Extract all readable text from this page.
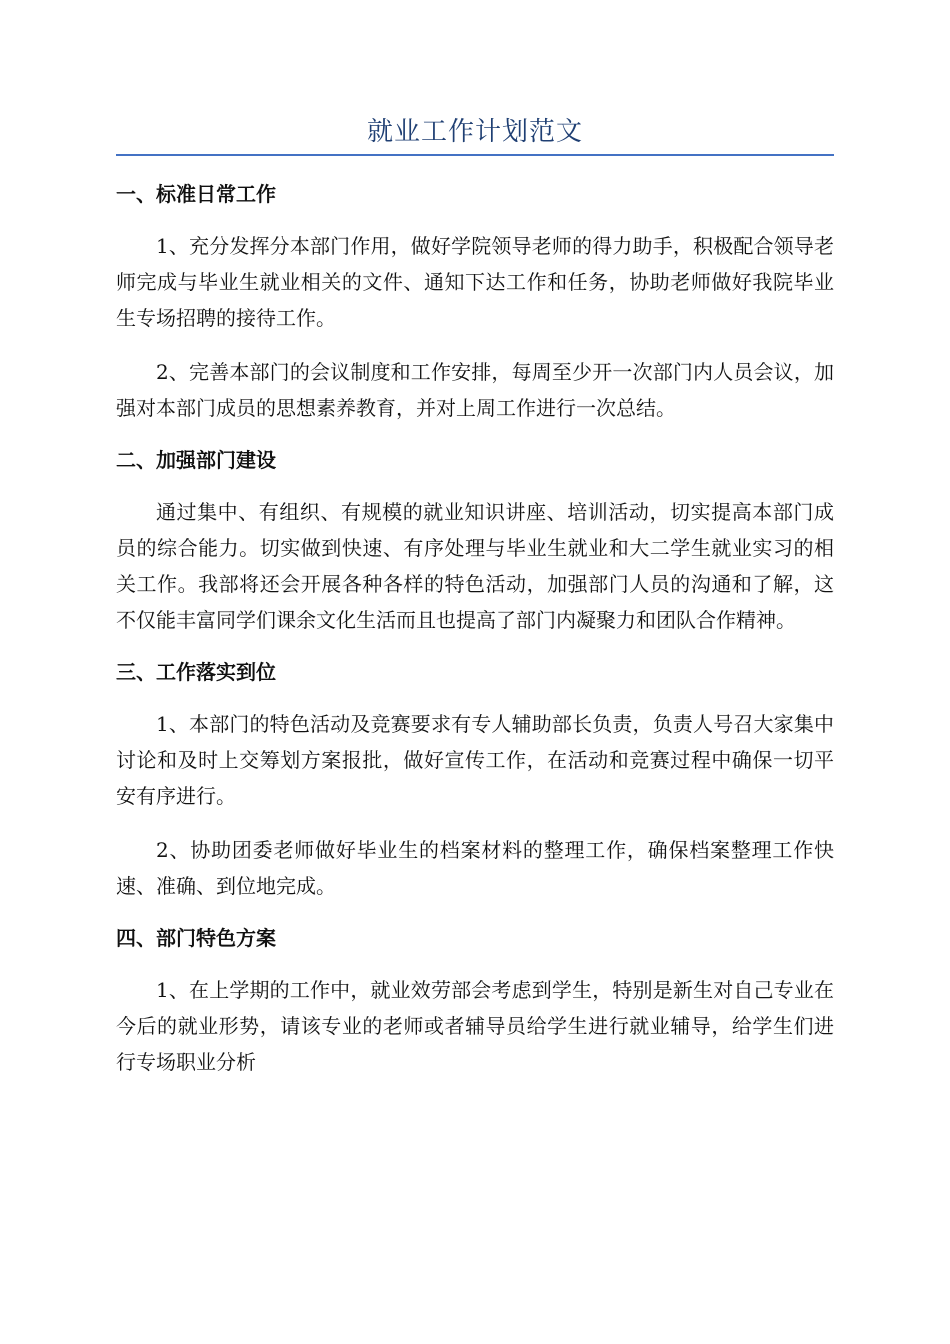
就业工作计划范文
一、标准日常工作

1、充分发挥分本部门作用，做好学院领导老师的得力助手，积极配合领导老师完成与毕业生就业相关的文件、通知下达工作和任务，协助老师做好我院毕业生专场招聘的接待工作。

2、完善本部门的会议制度和工作安排，每周至少开一次部门内人员会议，加强对本部门成员的思想素养教育，并对上周工作进行一次总结。

二、加强部门建设

通过集中、有组织、有规模的就业知识讲座、培训活动，切实提高本部门成员的综合能力。切实做到快速、有序处理与毕业生就业和大二学生就业实习的相关工作。我部将还会开展各种各样的特色活动，加强部门人员的沟通和了解，这不仅能丰富同学们课余文化生活而且也提高了部门内凝聚力和团队合作精神。

三、工作落实到位

1、本部门的特色活动及竞赛要求有专人辅助部长负责，负责人号召大家集中讨论和及时上交筹划方案报批，做好宣传工作，在活动和竞赛过程中确保一切平安有序进行。

2、协助团委老师做好毕业生的档案材料的整理工作，确保档案整理工作快速、准确、到位地完成。

四、部门特色方案

1、在上学期的工作中，就业效劳部会考虑到学生，特别是新生对自己专业在今后的就业形势，请该专业的老师或者辅导员给学生进行就业辅导，给学生们进行专场职业分析
